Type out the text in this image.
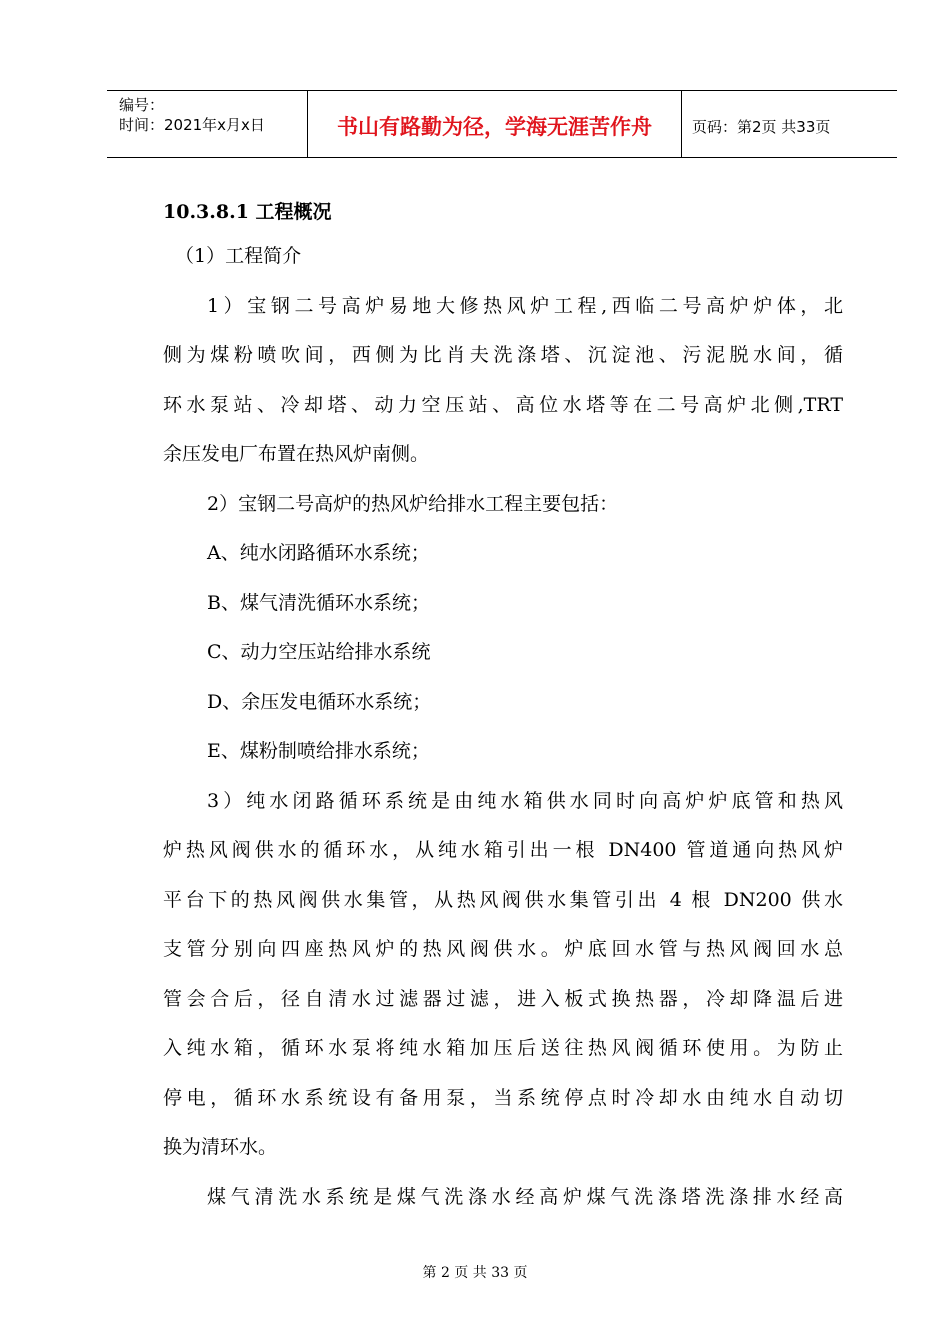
编号：
时间：2021年x月x日	书山有路勤为径，学海无涯苦作舟	页码：第2页 共33页
10.3.8.1 工程概况
（1）工程简介
1）宝钢二号高炉易地大修热风炉工程,西临二号高炉炉体，北
侧为煤粉喷吹间，西侧为比肖夫洗涤塔、沉淀池、污泥脱水间，循
环水泵站、冷却塔、动力空压站、高位水塔等在二号高炉北侧,TRT
余压发电厂布置在热风炉南侧。
2）宝钢二号高炉的热风炉给排水工程主要包括：
A、纯水闭路循环水系统；
B、煤气清洗循环水系统；
C、动力空压站给排水系统
D、余压发电循环水系统；
E、煤粉制喷给排水系统；
3）纯水闭路循环系统是由纯水箱供水同时向高炉炉底管和热风
炉热风阀供水的循环水，从纯水箱引出一根 DN400 管道通向热风炉
平台下的热风阀供水集管，从热风阀供水集管引出 4 根 DN200 供水
支管分别向四座热风炉的热风阀供水。炉底回水管与热风阀回水总
管会合后，径自清水过滤器过滤，进入板式换热器，冷却降温后进
入纯水箱，循环水泵将纯水箱加压后送往热风阀循环使用。为防止
停电，循环水系统设有备用泵，当系统停点时冷却水由纯水自动切
换为清环水。
煤气清洗水系统是煤气洗涤水经高炉煤气洗涤塔洗涤排水经高
第 2 页 共 33 页
